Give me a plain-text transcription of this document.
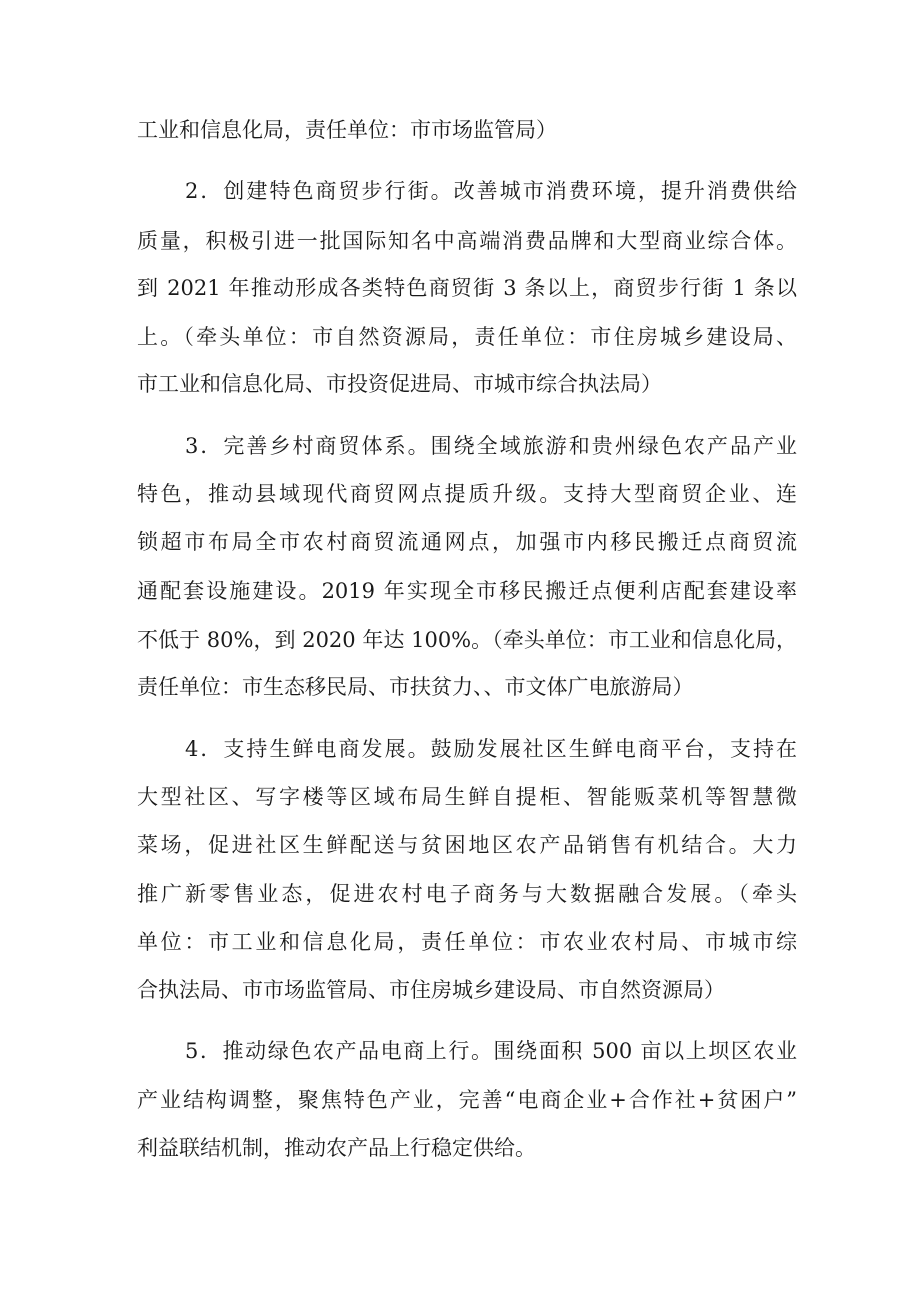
工业和信息化局，责任单位：市市场监管局）
2．创建特色商贸步行街。改善城市消费环境，提升消费供给
质量，积极引进一批国际知名中高端消费品牌和大型商业综合体。
到 2021 年推动形成各类特色商贸街 3 条以上，商贸步行街 1 条以
上。（牵头单位：市自然资源局，责任单位：市住房城乡建设局、
市工业和信息化局、市投资促进局、市城市综合执法局）
3．完善乡村商贸体系。围绕全域旅游和贵州绿色农产品产业
特色，推动县域现代商贸网点提质升级。支持大型商贸企业、连
锁超市布局全市农村商贸流通网点，加强市内移民搬迁点商贸流
通配套设施建设。2019 年实现全市移民搬迁点便利店配套建设率
不低于 80%，到 2020 年达 100%。（牵头单位：市工业和信息化局，
责任单位：市生态移民局、市扶贫力、、市文体广电旅游局）
4．支持生鲜电商发展。鼓励发展社区生鲜电商平台，支持在
大型社区、写字楼等区域布局生鲜自提柜、智能贩菜机等智慧微
菜场，促进社区生鲜配送与贫困地区农产品销售有机结合。大力
推广新零售业态，促进农村电子商务与大数据融合发展。（牵头
单位：市工业和信息化局，责任单位：市农业农村局、市城市综
合执法局、市市场监管局、市住房城乡建设局、市自然资源局）
5．推动绿色农产品电商上行。围绕面积 500 亩以上坝区农业
产业结构调整，聚焦特色产业，完善“电商企业+合作社+贫困户”
利益联结机制，推动农产品上行稳定供给。
